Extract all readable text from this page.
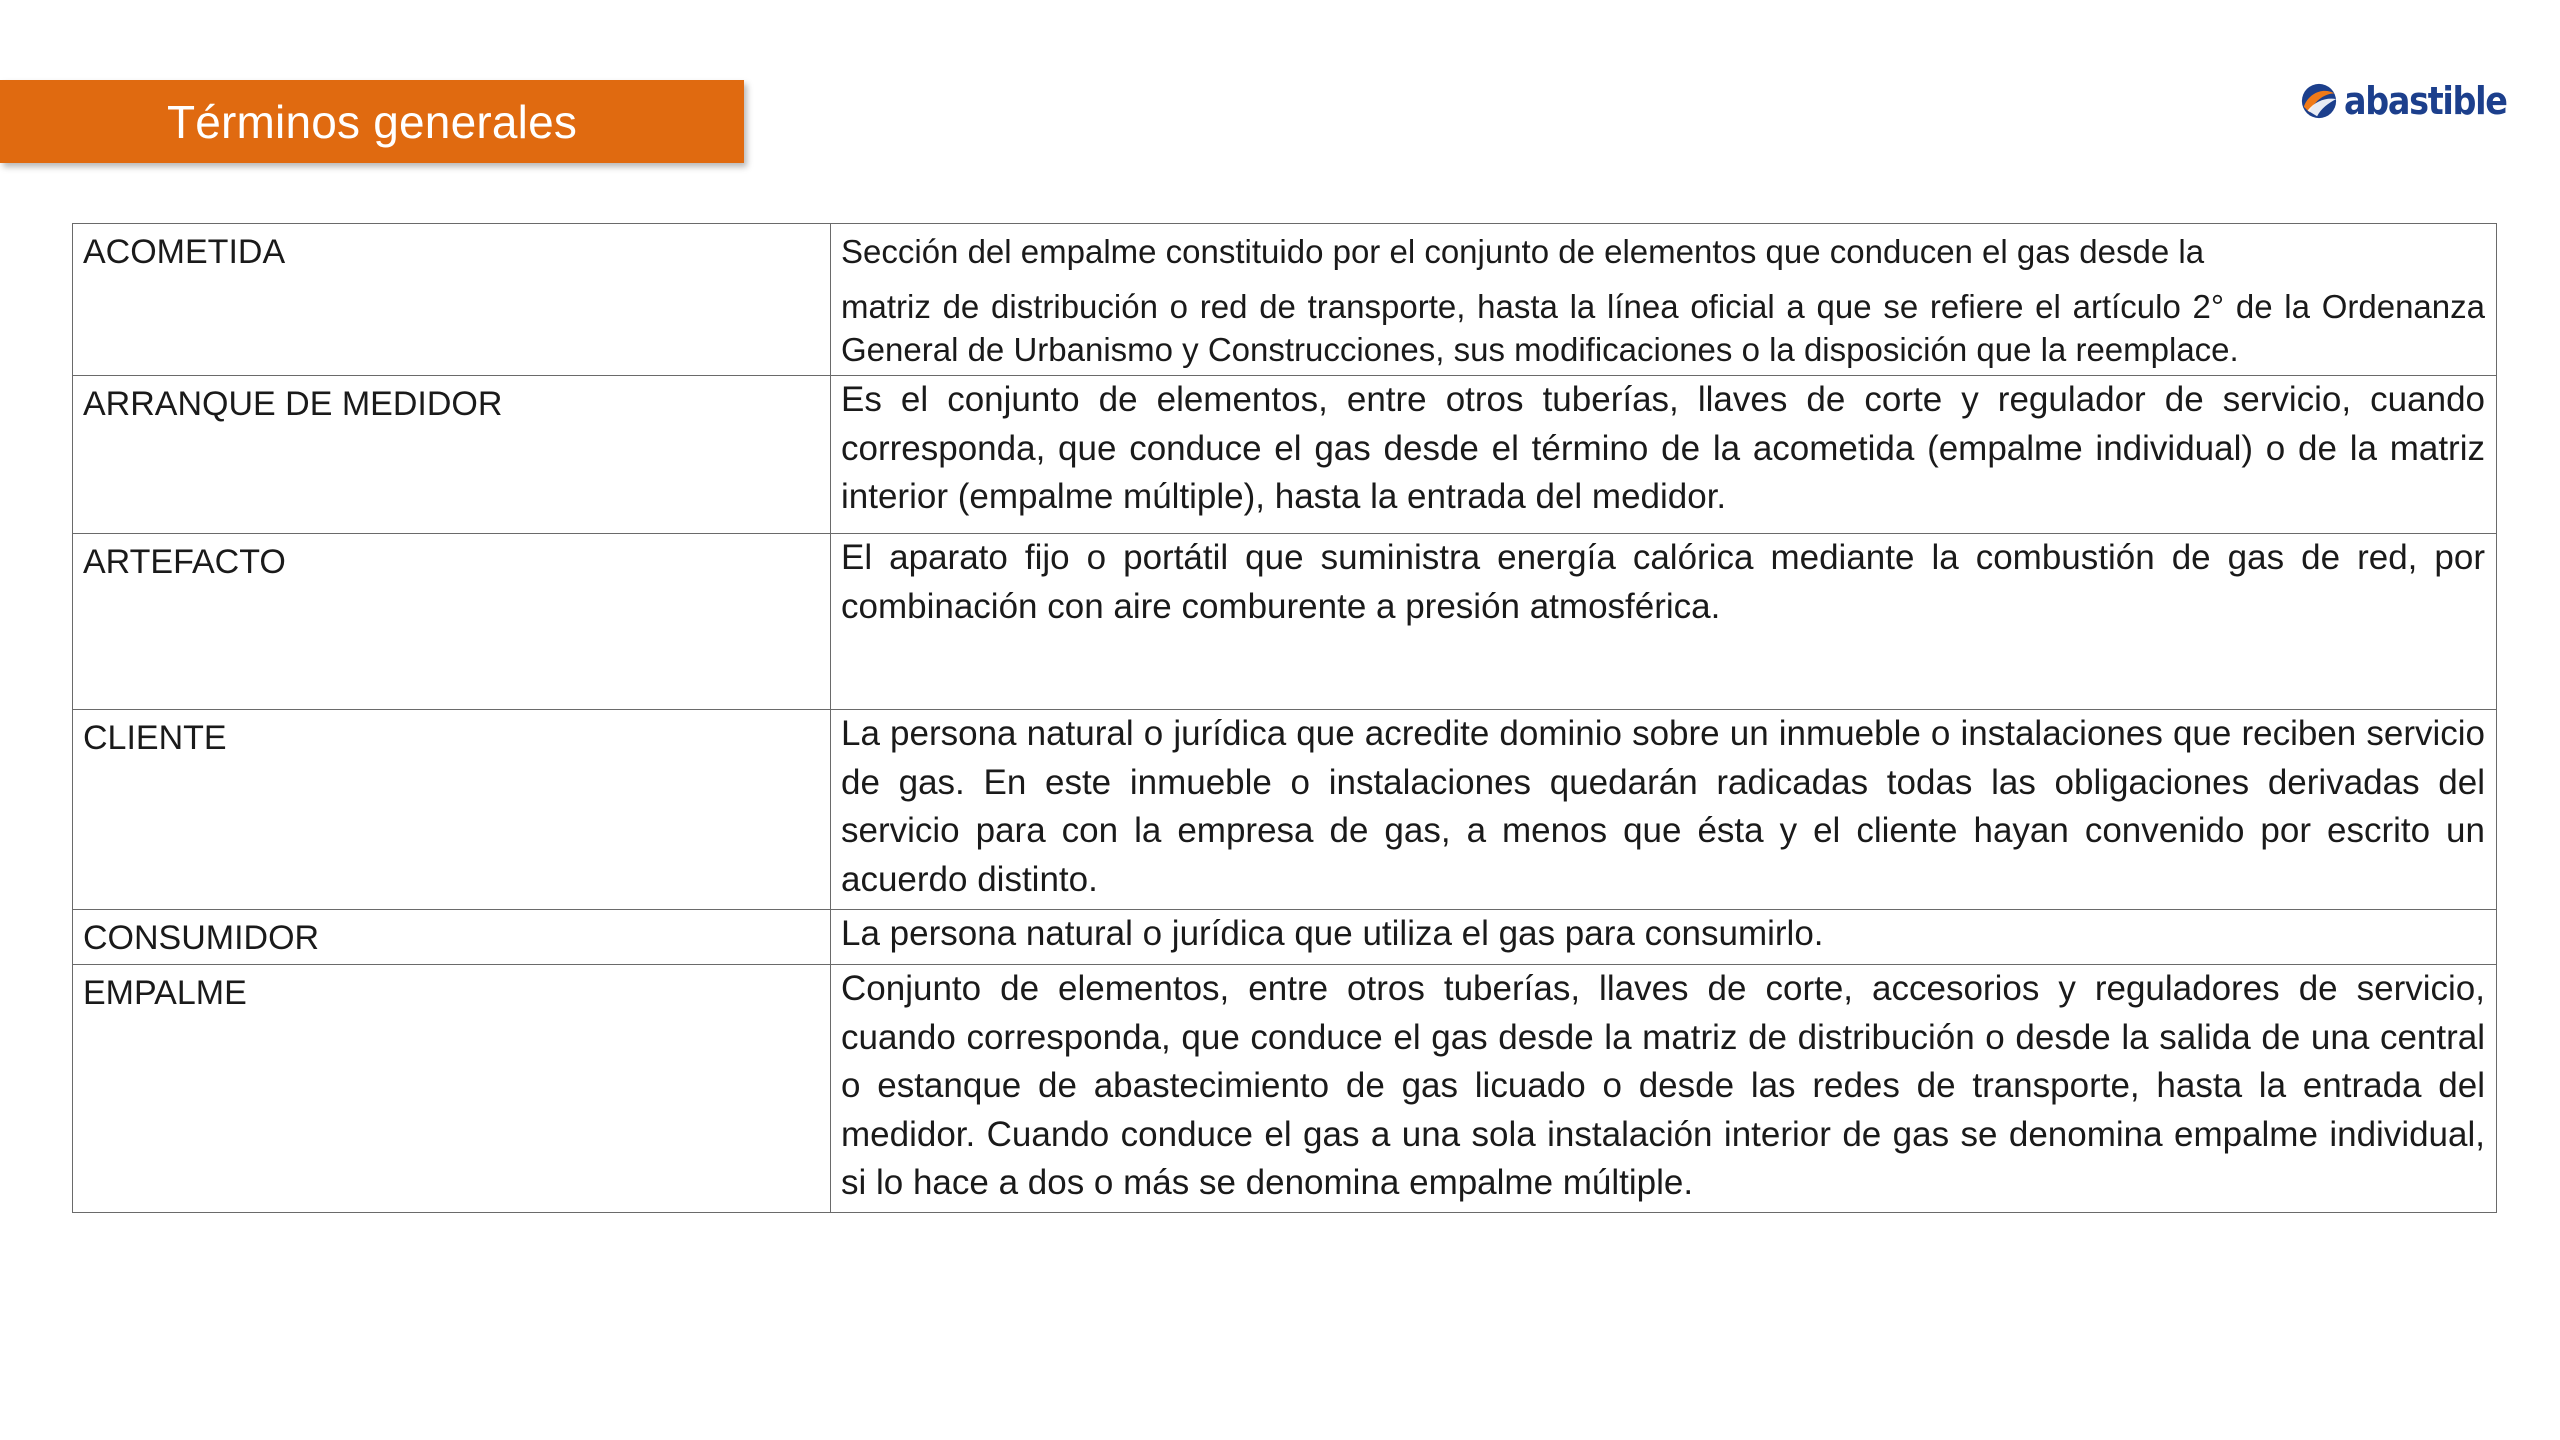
Términos generales	abastible
ACOMETIDA	Sección del empalme constituido por el conjunto de elementos que conducen el gas desde la
matriz de distribución o red de transporte, hasta la línea oficial a que se refiere el artículo 2° de la Ordenanza General de Urbanismo y Construcciones, sus modificaciones o la disposición que la reemplace.
ARRANQUE DE MEDIDOR	Es el conjunto de elementos, entre otros tuberías, llaves de corte y regulador de servicio, cuando corresponda, que conduce el gas desde el término de la acometida (empalme individual) o de la matriz interior (empalme múltiple), hasta la entrada del medidor.
ARTEFACTO	El aparato fijo o portátil que suministra energía calórica mediante la combustión de gas de red, por combinación con aire comburente a presión atmosférica.
CLIENTE	La persona natural o jurídica que acredite dominio sobre un inmueble o instalaciones que reciben servicio de gas. En este inmueble o instalaciones quedarán radicadas todas las obligaciones derivadas del servicio para con la empresa de gas, a menos que ésta y el cliente hayan convenido por escrito un acuerdo distinto.
CONSUMIDOR	La persona natural o jurídica que utiliza el gas para consumirlo.
EMPALME	Conjunto de elementos, entre otros tuberías, llaves de corte, accesorios y reguladores de servicio, cuando corresponda, que conduce el gas desde la matriz de distribución o desde la salida de una central o estanque de abastecimiento de gas licuado o desde las redes de transporte, hasta la entrada del medidor. Cuando conduce el gas a una sola instalación interior de gas se denomina empalme individual, si lo hace a dos o más se denomina empalme múltiple.
